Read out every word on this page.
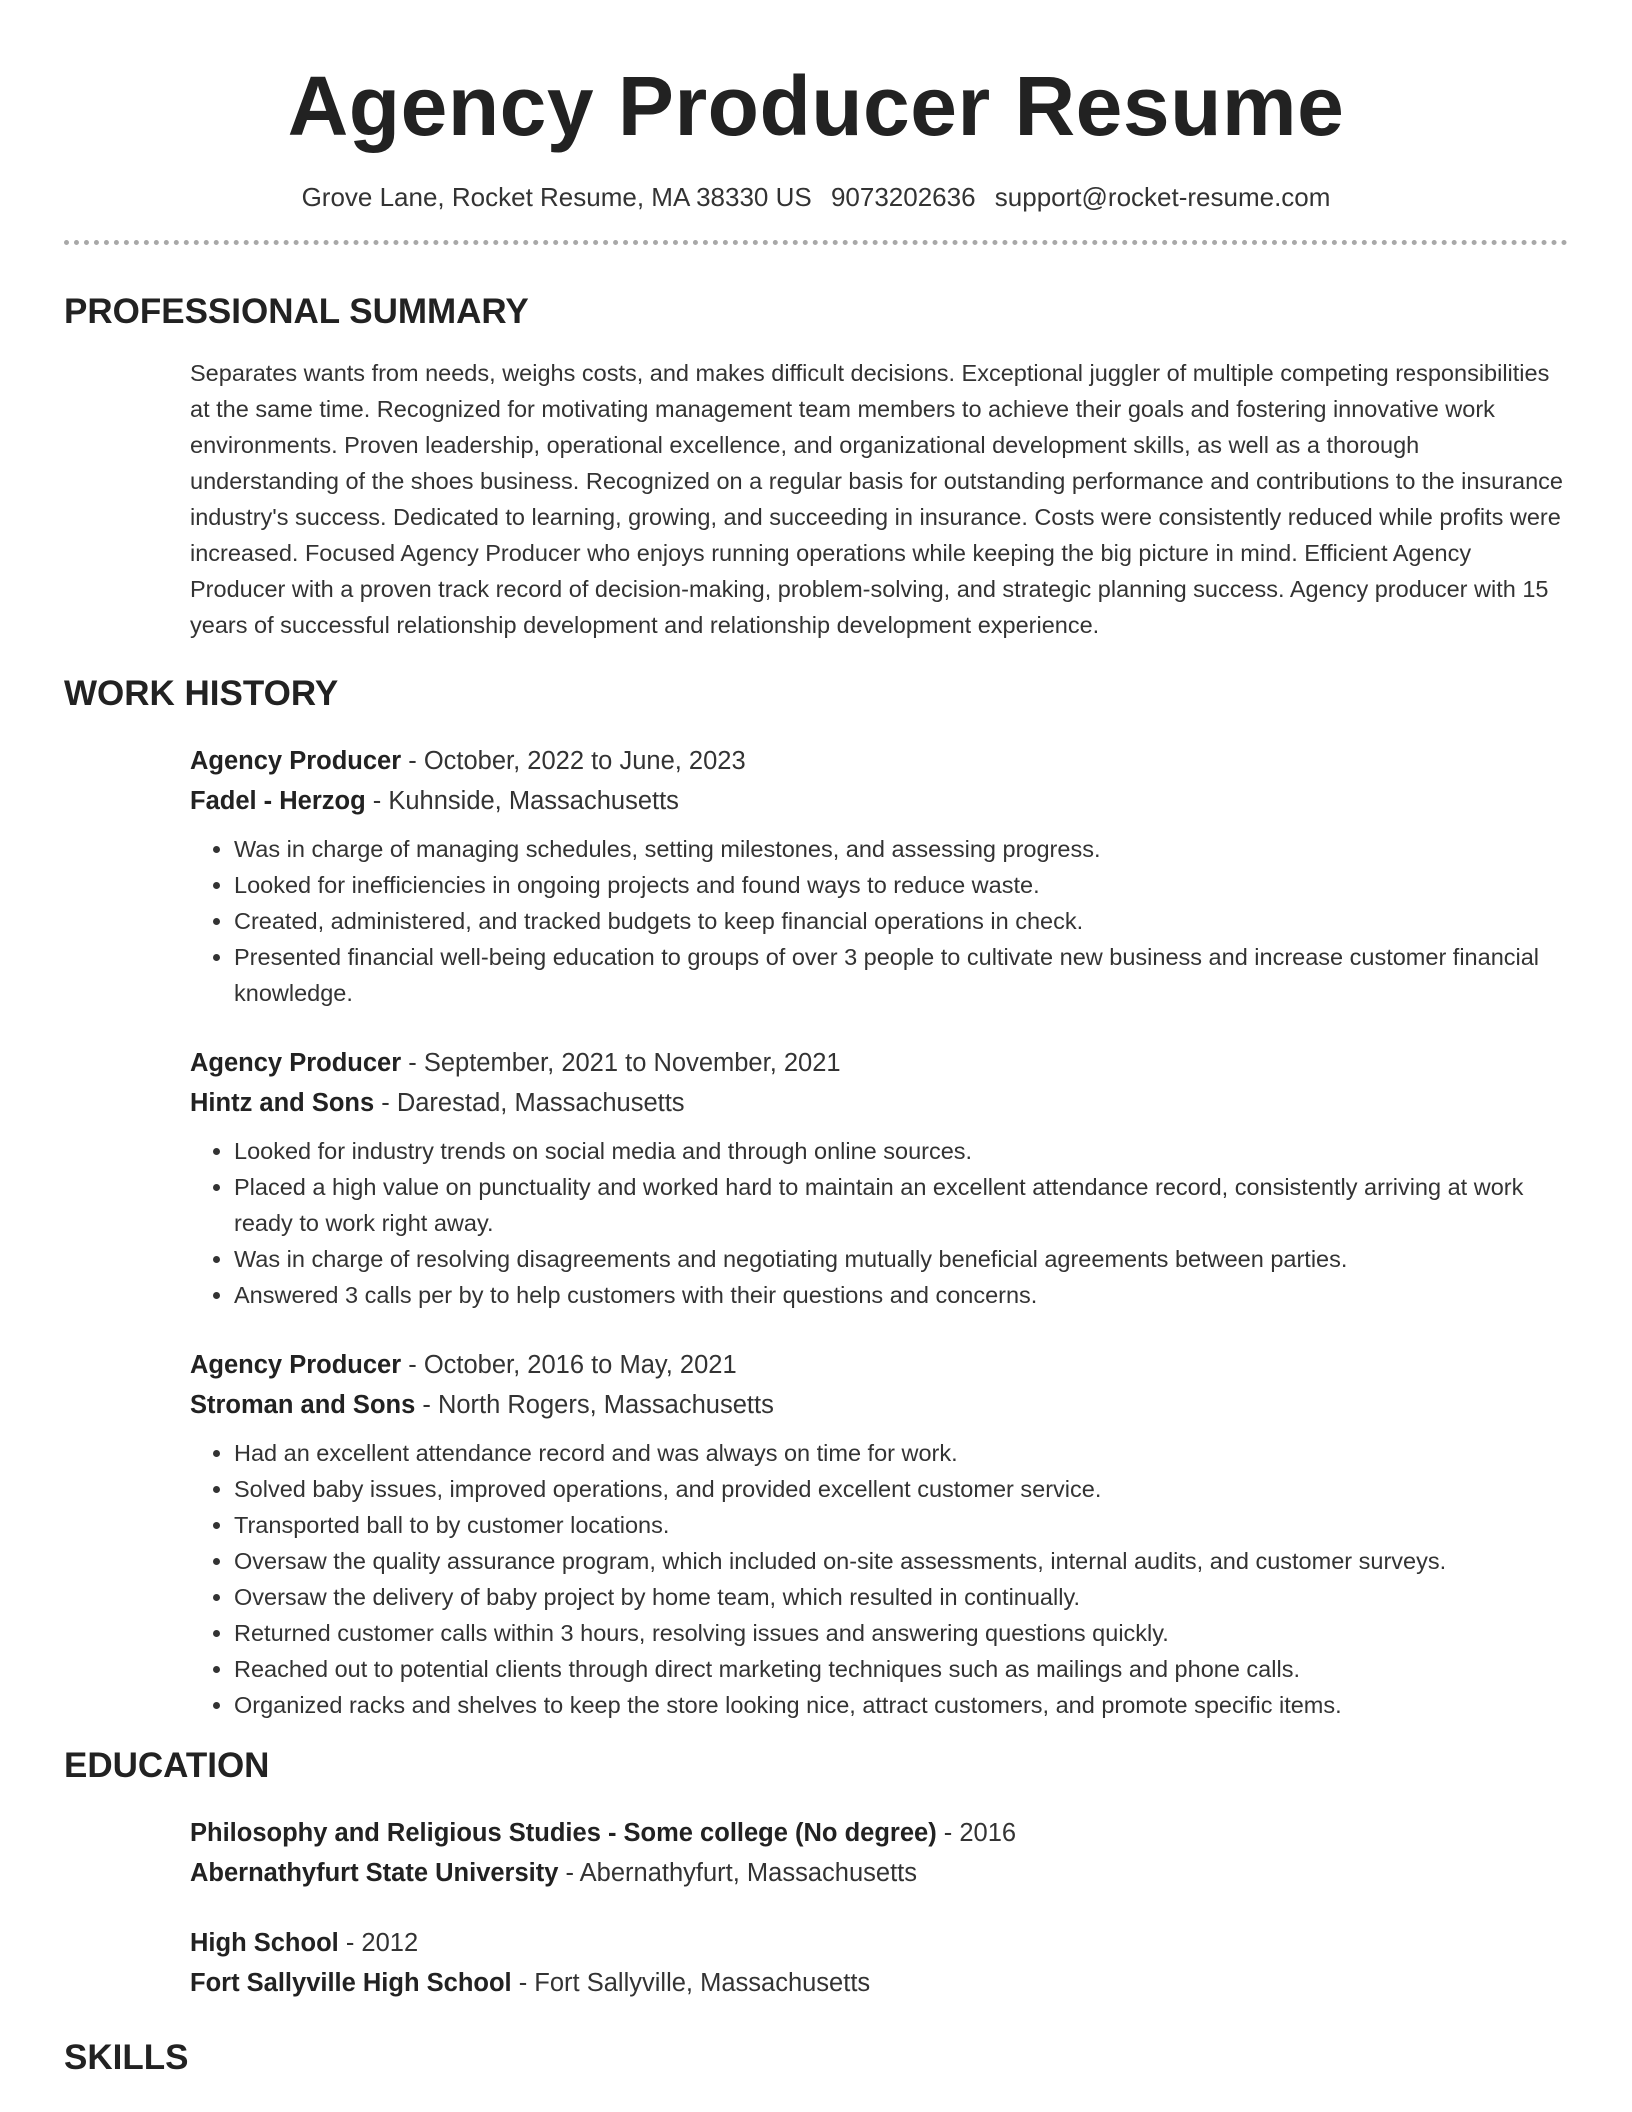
Agency Producer Resume
Grove Lane, Rocket Resume, MA 38330 US 9073202636 support@rocket-resume.com
PROFESSIONAL SUMMARY

Separates wants from needs, weighs costs, and makes difficult decisions. Exceptional juggler of multiple competing responsibilities at the same time. Recognized for motivating management team members to achieve their goals and fostering innovative work environments. Proven leadership, operational excellence, and organizational development skills, as well as a thorough understanding of the shoes business. Recognized on a regular basis for outstanding performance and contributions to the insurance industry's success. Dedicated to learning, growing, and succeeding in insurance. Costs were consistently reduced while profits were increased. Focused Agency Producer who enjoys running operations while keeping the big picture in mind. Efficient Agency Producer with a proven track record of decision-making, problem-solving, and strategic planning success. Agency producer with 15 years of successful relationship development and relationship development experience.

WORK HISTORY
Agency Producer - October, 2022 to June, 2023
Fadel - Herzog - Kuhnside, Massachusetts
• Was in charge of managing schedules, setting milestones, and assessing progress.
• Looked for inefficiencies in ongoing projects and found ways to reduce waste.
• Created, administered, and tracked budgets to keep financial operations in check.
• Presented financial well-being education to groups of over 3 people to cultivate new business and increase customer financial knowledge.
Agency Producer - September, 2021 to November, 2021
Hintz and Sons - Darestad, Massachusetts
• Looked for industry trends on social media and through online sources.
• Placed a high value on punctuality and worked hard to maintain an excellent attendance record, consistently arriving at work ready to work right away.
• Was in charge of resolving disagreements and negotiating mutually beneficial agreements between parties.
• Answered 3 calls per by to help customers with their questions and concerns.
Agency Producer - October, 2016 to May, 2021
Stroman and Sons - North Rogers, Massachusetts
• Had an excellent attendance record and was always on time for work.
• Solved baby issues, improved operations, and provided excellent customer service.
• Transported ball to by customer locations.
• Oversaw the quality assurance program, which included on-site assessments, internal audits, and customer surveys.
• Oversaw the delivery of baby project by home team, which resulted in continually.
• Returned customer calls within 3 hours, resolving issues and answering questions quickly.
• Reached out to potential clients through direct marketing techniques such as mailings and phone calls.
• Organized racks and shelves to keep the store looking nice, attract customers, and promote specific items.
EDUCATION
Philosophy and Religious Studies - Some college (No degree) - 2016
Abernathyfurt State University - Abernathyfurt, Massachusetts
High School - 2012
Fort Sallyville High School - Fort Sallyville, Massachusetts
SKILLS
